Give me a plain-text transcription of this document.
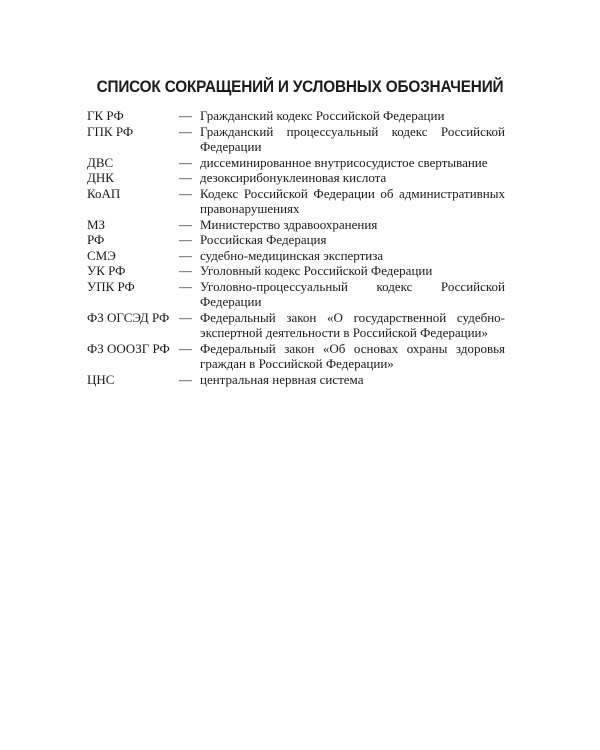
СПИСОК СОКРАЩЕНИЙ И УСЛОВНЫХ ОБОЗНАЧЕНИЙ
ГК РФ	— Гражданский кодекс Российской Федерации
ГПК РФ	— Гражданский процессуальный кодекс Российской Федерации
ДВС	— диссеминированное внутрисосудистое свертывание
ДНК	— дезоксирибонуклеиновая кислота
КоАП	— Кодекс Российской Федерации об административных правонарушениях
МЗ	— Министерство здравоохранения
РФ	— Российская Федерация
СМЭ	— судебно-медицинская экспертиза
УК РФ	— Уголовный кодекс Российской Федерации
УПК РФ	— Уголовно-процессуальный кодекс Российской Федерации
ФЗ ОГСЭД РФ — Федеральный закон «О государственной судебно-экспертной деятельности в Российской Федерации»
ФЗ ОООЗГ РФ — Федеральный закон «Об основах охраны здоровья граждан в Российской Федерации»
ЦНС	— центральная нервная система
